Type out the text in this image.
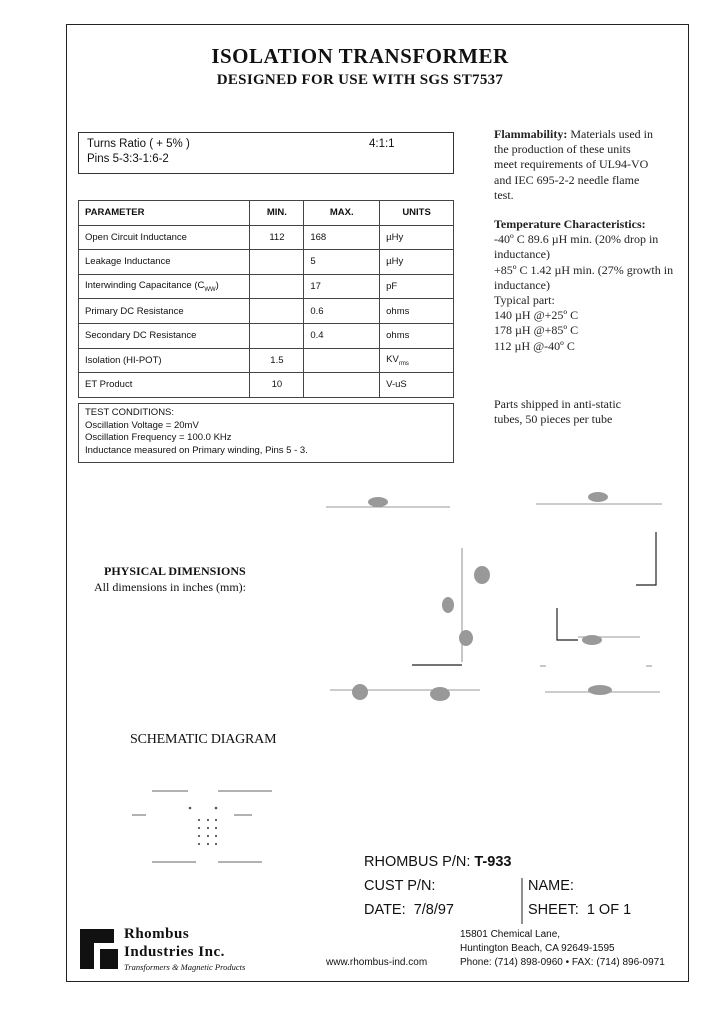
ISOLATION TRANSFORMER
DESIGNED FOR USE WITH SGS ST7537
Turns Ratio ( + 5% )
Pins 5-3:3-1:6-2
4:1:1
PARAMETER	MIN.	MAX.	UNITS
Open Circuit Inductance	112	168	µHy
Leakage Inductance		5	µHy
Interwinding Capacitance $(C_{WW})$		17	pF
Primary DC Resistance		0.6	ohms
Secondary DC Resistance		0.4	ohms
Isolation (HI-POT)	1.5		$KV_{rms}$
ET Product	10		V-uS
TEST CONDITIONS:
Oscillation Voltage = 20mV
Oscillation Frequency = 100.0 KHz
Inductance measured on Primary winding, Pins 5 - 3.
Flammability: Materials used in
the production of these units
meet requirements of UL94-VO
and IEC 695-2-2 needle flame
test.
Temperature Characteristics:
-40º C 89.6 µH min. (20% drop in
inductance)
+85º C 1.42 µH min. (27% growth in
inductance)
Typical part:
140 µH @+25º C
178 µH @+85º C
112 µH @-40º C
Parts shipped in anti-static
tubes, 50 pieces per tube
PHYSICAL DIMENSIONS
All dimensions in inches (mm):
SCHEMATIC DIAGRAM
RHOMBUS P/N: T-933
CUST P/N:	NAME:
DATE: 7/8/97	SHEET: 1 OF 1
Rhombus
Industries Inc.
Transformers & Magnetic Products	www.rhombus-ind.com
15801 Chemical Lane,
Huntington Beach, CA 92649-1595
Phone: (714) 898-0960 • FAX: (714) 896-0971
